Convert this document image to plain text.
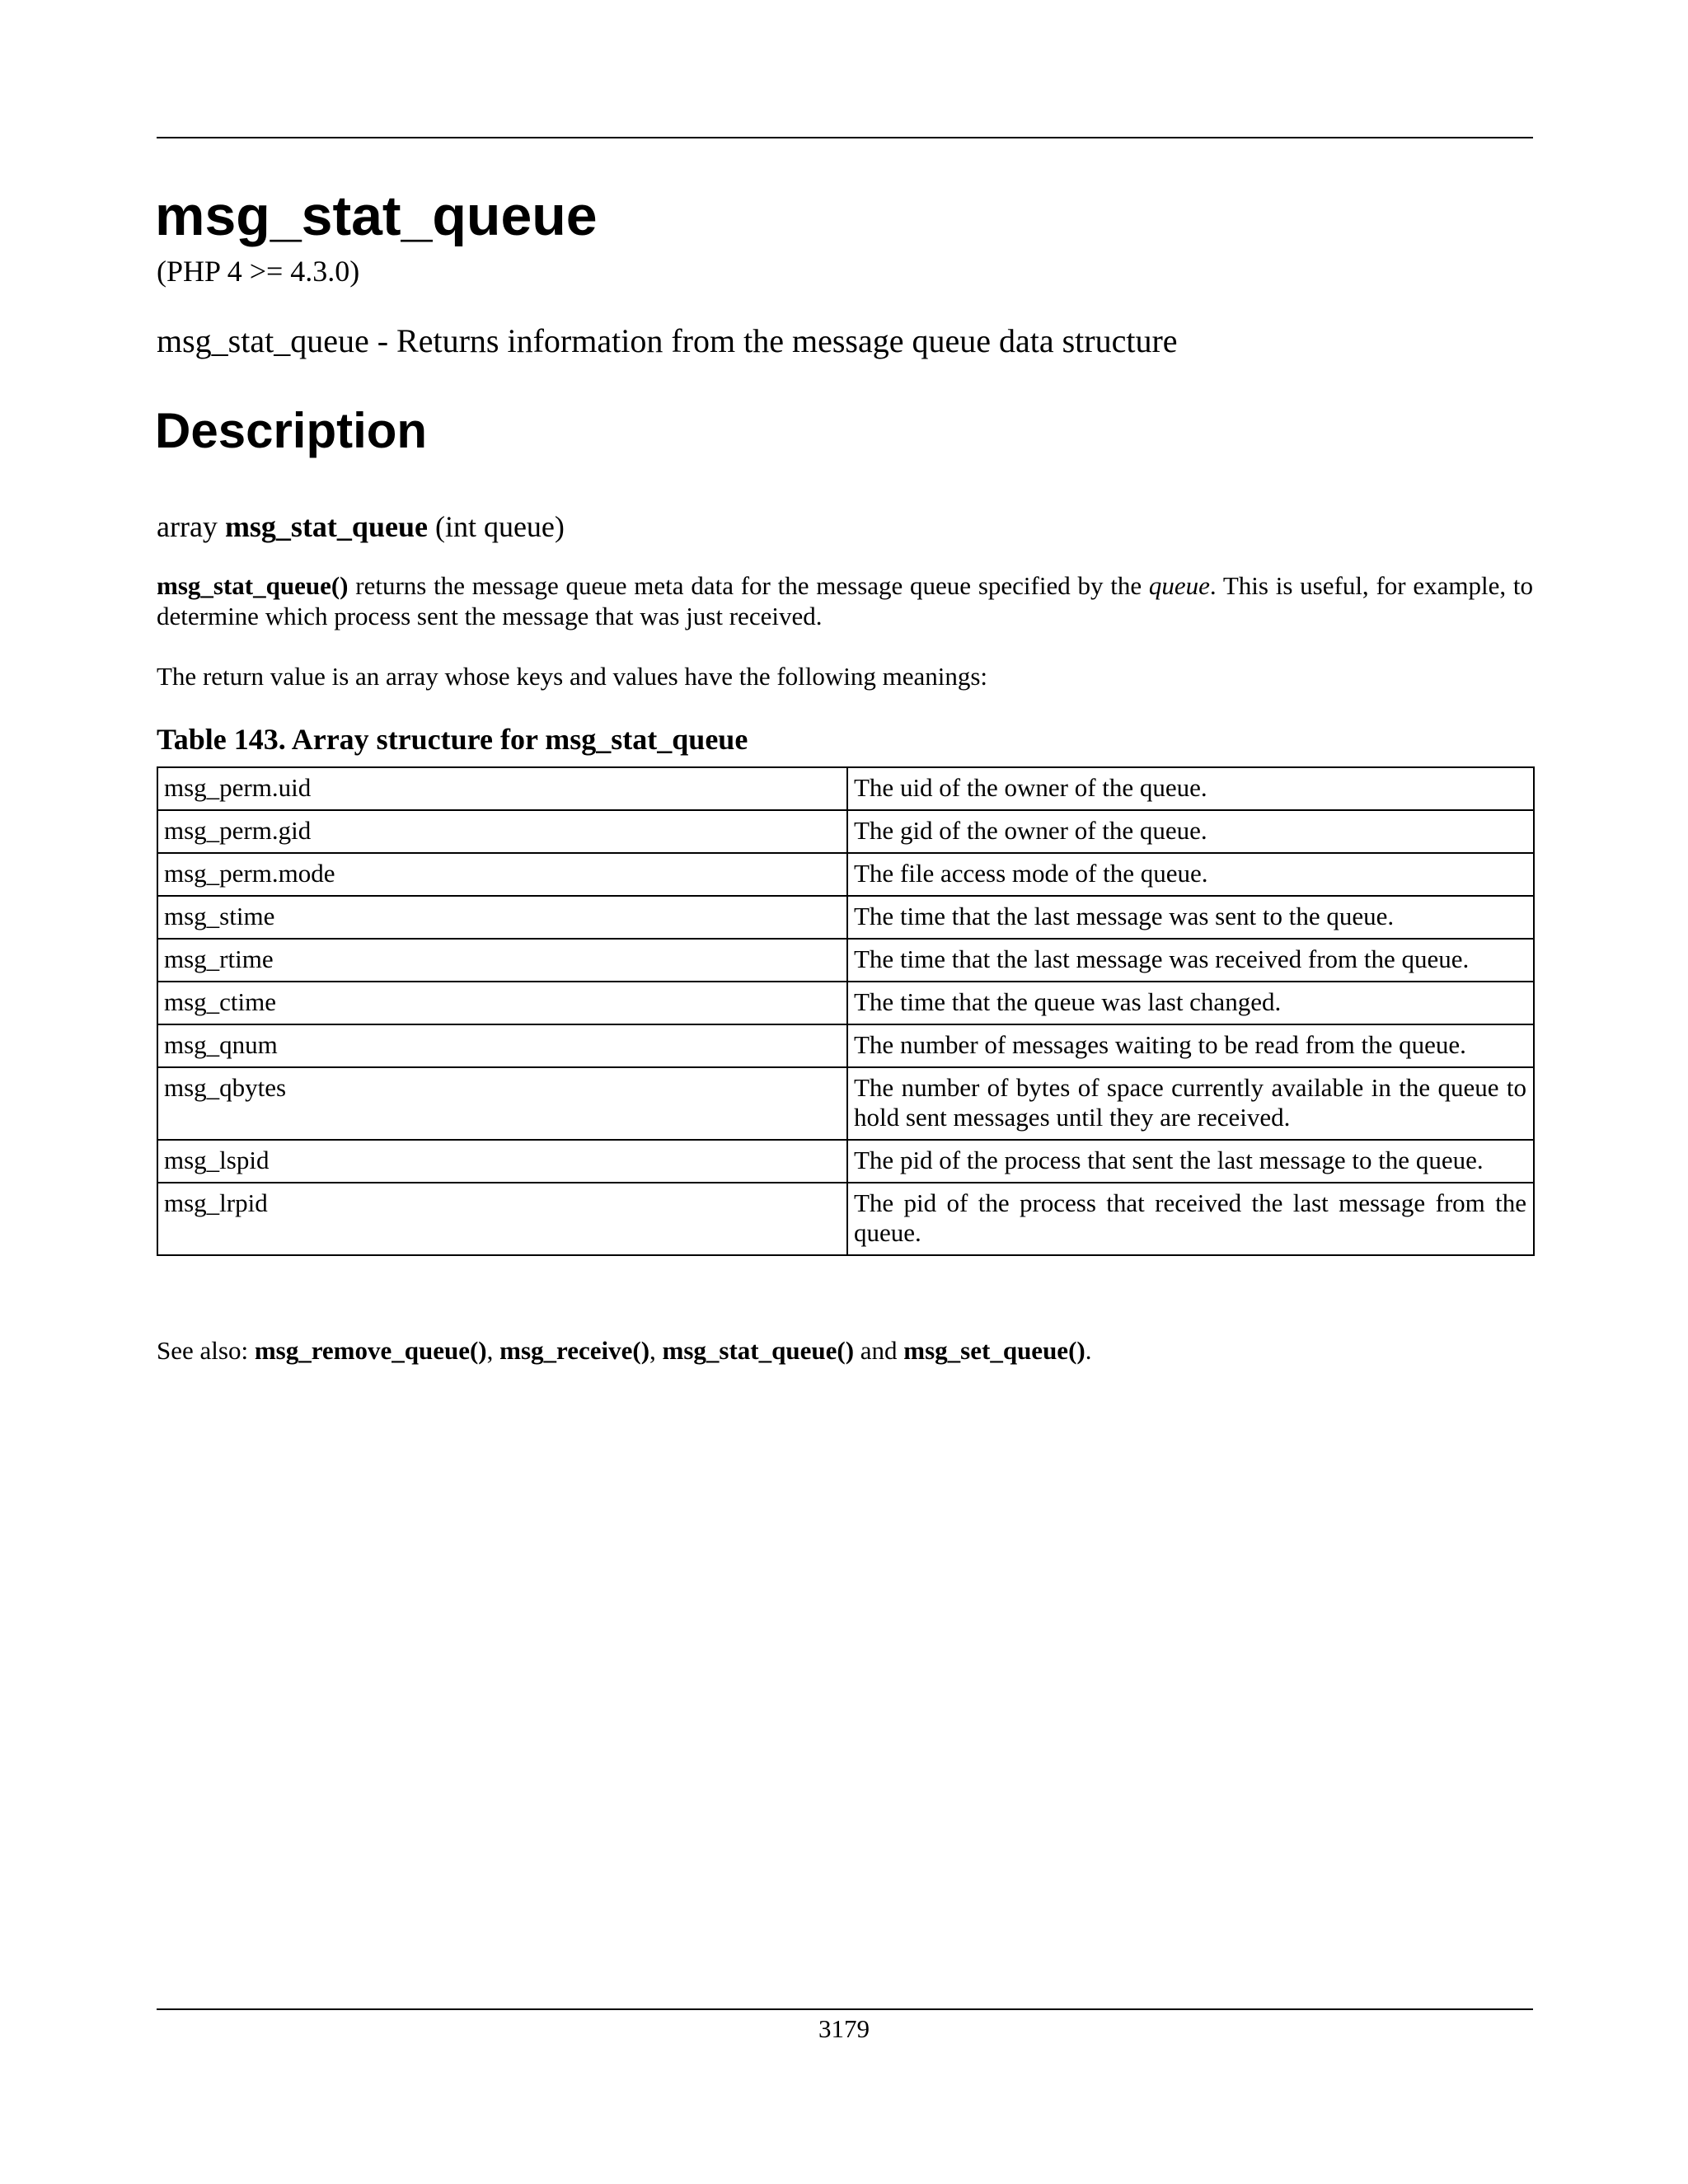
msg_stat_queue
(PHP 4 >= 4.3.0)
msg_stat_queue - Returns information from the message queue data structure
Description
array msg_stat_queue (int queue)
msg_stat_queue() returns the message queue meta data for the message queue specified by the queue. This is useful, for example, to determine which process sent the message that was just received.
The return value is an array whose keys and values have the following meanings:
Table 143. Array structure for msg_stat_queue
msg_perm.uid	The uid of the owner of the queue.
msg_perm.gid	The gid of the owner of the queue.
msg_perm.mode	The file access mode of the queue.
msg_stime	The time that the last message was sent to the queue.
msg_rtime	The time that the last message was received from the queue.
msg_ctime	The time that the queue was last changed.
msg_qnum	The number of messages waiting to be read from the queue.
msg_qbytes	The number of bytes of space currently available in the queue to hold sent messages until they are received.
msg_lspid	The pid of the process that sent the last message to the queue.
msg_lrpid	The pid of the process that received the last message from the queue.
See also: msg_remove_queue(), msg_receive(), msg_stat_queue() and msg_set_queue().
3179
